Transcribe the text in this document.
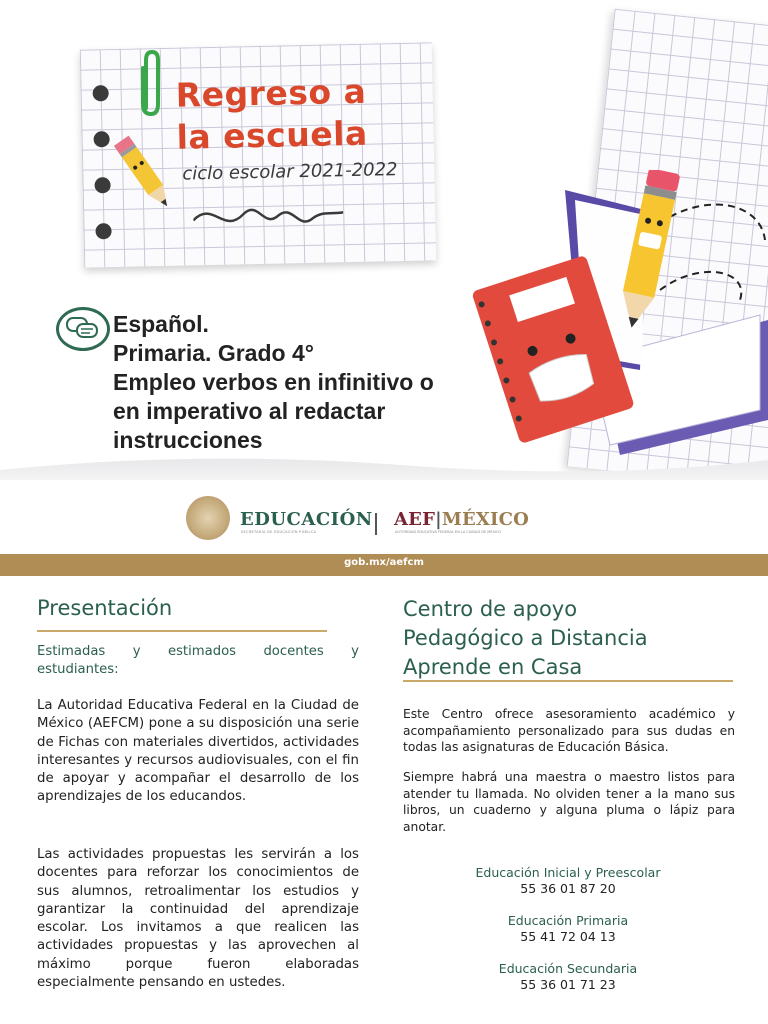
Regreso a
la escuela
ciclo escolar 2021-2022
Español.
Primaria. Grado 4°
Empleo verbos en infinitivo o
en imperativo al redactar
instrucciones
EDUCACIÓN
SECRETARÍA DE EDUCACIÓN PÚBLICA
AEF|MÉXICO
AUTORIDAD EDUCATIVA FEDERAL EN LA CIUDAD DE MÉXICO
gob.mx/aefcm
Presentación
Estimadas y estimados docentes y
estudiantes:
La Autoridad Educativa Federal en la Ciudad de México (AEFCM) pone a su disposición una serie de Fichas con materiales divertidos, actividades interesantes y recursos audiovisuales, con el fin de apoyar y acompañar el desarrollo de los aprendizajes de los educandos.
Las actividades propuestas les servirán a los docentes para reforzar los conocimientos de sus alumnos, retroalimentar los estudios y garantizar la continuidad del aprendizaje escolar. Los invitamos a que realicen las actividades propuestas y las aprovechen al máximo porque fueron elaboradas especialmente pensando en ustedes.
Centro de apoyo
Pedagógico a Distancia
Aprende en Casa
Este Centro ofrece asesoramiento académico y acompañamiento personalizado para sus dudas en todas las asignaturas de Educación Básica.
Siempre habrá una maestra o maestro listos para atender tu llamada. No olviden tener a la mano sus libros, un cuaderno y alguna pluma o lápiz para anotar.
Educación Inicial y Preescolar
55 36 01 87 20
Educación Primaria
55 41 72 04 13
Educación Secundaria
55 36 01 71 23
